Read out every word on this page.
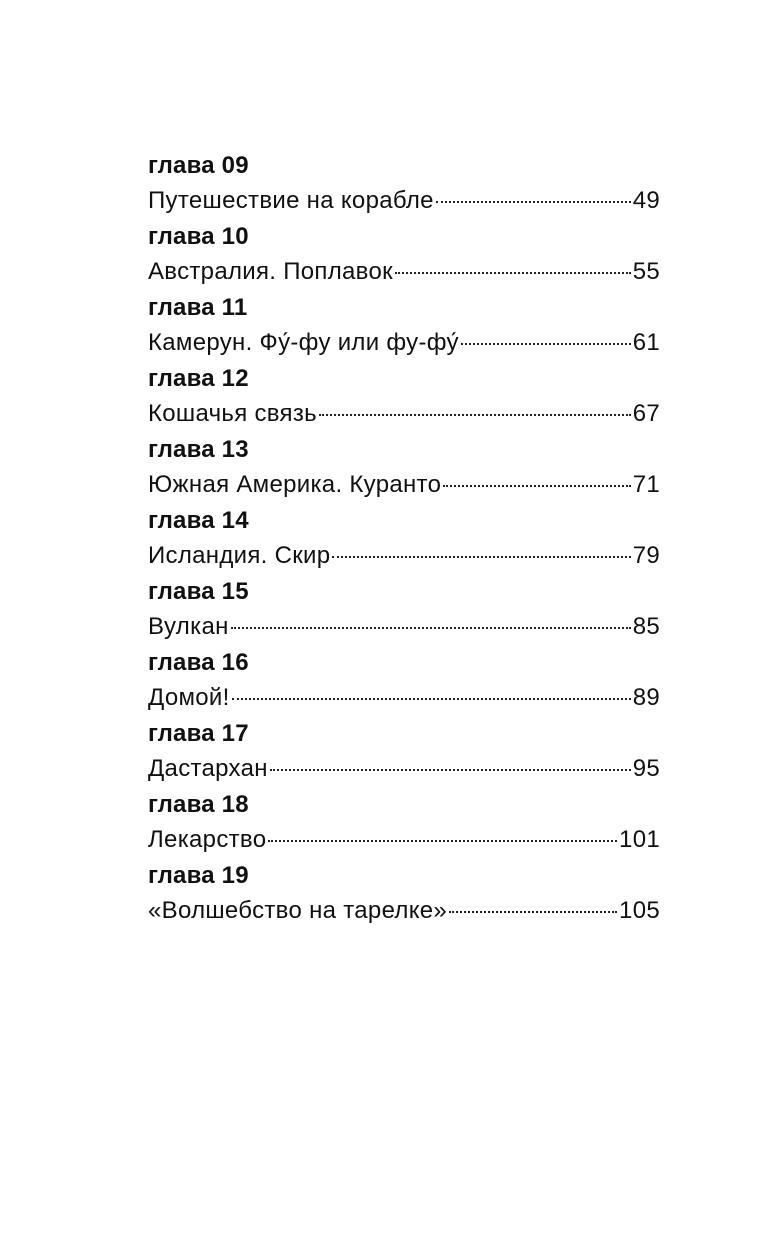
глава 09
Путешествие на корабле	49
глава 10
Австралия. Поплавок	55
глава 11
Камерун. Фу́-фу или фу-фу́	61
глава 12
Кошачья связь	67
глава 13
Южная Америка. Куранто	71
глава 14
Исландия. Скир	79
глава 15
Вулкан	85
глава 16
Домой!	89
глава 17
Дастархан	95
глава 18
Лекарство	101
глава 19
«Волшебство на тарелке»	105
